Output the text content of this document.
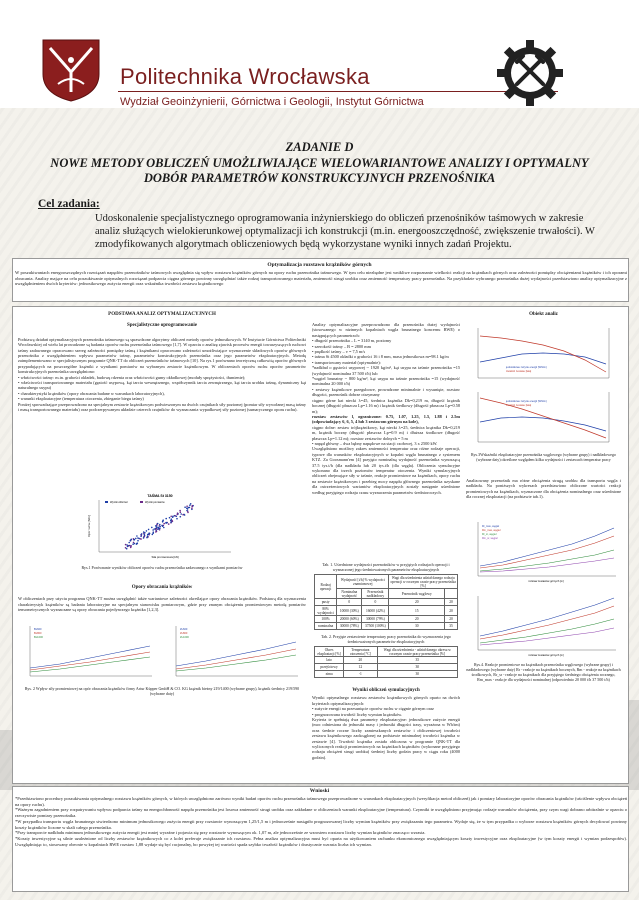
Politechnika Wrocławska
Wydział Geoinżynierii, Górnictwa i Geologii, Instytut Górnictwa
ZADANIE D
NOWE METODY OBLICZEŃ UMOŻLIWIAJĄCE WIELOWARIANTOWE ANALIZY I OPTYMALNY
DOBÓR PARAMETRÓW KONSTRUKCYJNYCH PRZENOŚNIKA
Cel zadania:
Udoskonalenie specjalistycznego oprogramowania inżynierskiego do obliczeń przenośników taśmowych w zakresie analiz służących wielokierunkowej optymalizacji ich konstrukcji (m.in. energooszczędność, zwiększenie trwałości). W zmodyfikowanych algorytmach obliczeniowych będą wykorzystane wyniki innych zadań Projektu.
Optymalizacja rozstawu krążników górnych
W poszukiwaniach energooszczędnych rozwiązań napędów przenośników taśmowych uwzględnia się wpływ rozstawu krążników górnych na opory ruchu przenośnika taśmowego. W tym celu niezbędne jest wnikliwe rozpoznanie wielkości reakcji na krążnikach górnych oraz zależności pomiędzy obciążeniami krążników i ich oporami obracania. Analizy mające na celu poszukiwanie optymalnych rozwiązań podparcia cięgna górnego powinny uwzględniać także rodzaj transportowanego materiału, zmienność strugi urobku oraz zmienność temperatury pracy przenośnika. Na przykładzie wybranego przenośnika dużej wydajności przedstawiono analizy optymalizacyjne z uwzględnieniem dwóch kryteriów: jednostkowego zużycia energii oraz wskaźnika trwałości zestawu krążnikowego
PODSTAWA ANALIZ OPTYMALIZACYJNYCH
Specjalistyczne oprogramowanie
Podstawą działań optymalizacyjnych przenośnika taśmowego są sprawdzone algorytmy obliczeń metody oporów jednostkowych. W Instytucie Górnictwa Politechniki Wrocławskiej od wielu lat prowadzone są badania oporów ruchu przenośnika taśmowego [1,7]. W oparciu o analizę zjawisk procesów energii towarzyszących ruchowi taśmy zadawanego opracowano szereg zależności pomiędzy taśmą i krążnikami opracowano zależności umożliwiające wyznaczenie składowych oporów głównych przenośnika z uwzględnieniem wpływu parametrów taśmy, parametrów konstrukcyjnych przenośnika oraz jego parametrów eksploatacyjnych. Metodę zaimplementowano w specjalistycznym programie QNK-TT do obliczeń przenośników taśmowych [10]. Na rys.1 porównano teoretyczną całkowitą oporów głównych przypadających na poszczególne krążniki z wynikami pomiarów na wybranym zestawie krążnikowym. W obliczeniach oporów ruchu oporów parametrów konstrukcyjnych przenośnika uwzględniono:
• właściwości taśmy: m.in. grubości okładek, budowę rdzenia oraz właściwości gumy okładkowej (moduły sprężystości, tłumienie);
• właściwości transportowanego materiału (gęstość usypową, kąt tarcia wewnętrznego, współczynnik tarcia zewnętrznego, kąt tarcia urobku taśmę, dynamiczny kąt naturalnego usypu)
• charakterystyki krążników (opory obracania badane w warunkach laboratoryjnych),
• warunki eksploatacyjne (temperatura otoczenia, zbieganie biegu taśmy)
Poniżej sprowadzające przeprowadzono na specjalnym zestawie krążnikowym podwieszonym na dwóch czujnikach siły poziomej (pomiar siły wywołanej masą taśmy i masą transportowanego materiału) oraz podczerpywanym układzie czterech czujników do wyznaczania wypadkowej siły poziomej (sumarycznego oporu ruchu).
TAŚMA St 3150
Wyniki obliczeń	Wyniki pomiarów
Siła promieniowa [kN]
Opór ruchu [N/m]
Rys.1 Porównanie wyników obliczeń oporów ruchu przenośnika zadawanego z wynikami pomiarów
Opory obracania krążników
W obliczeniach przy użyciu programu QNK-TT można uwzględnić także wariantowe zależności określające opory obracania krążników. Podstawą dla wyznaczenia charakterystyk krążników są badania laboratoryjne na specjalnym stanowisku pomiarowym, gdzie przy znanym obciążeniu promieniowym metodą pomiarów tensometrycznych wyznaczane są opory obracania pojedynczego krążnika [1,2,3].
BL600
BL800
BL1000
ZL600
ZL800
ZL1000
Rys. 2 Wpływ siły promieniowej na opór obracania krążników firmy Artur Küpper GmbH & CO. KG krążnik bieżny 219/1400 (wybrane grupy), krążnik średnicy 219/590 (wybrane daty)
Analizy optymalizacyjne przeprowadzono dla przenośnika dużej wydajności (stosowanego w nizinnych kopalniach węgla brunatnego koncernu RWE) o następujących parametrach:
• długość przenośnika – L = 3140 m, poziomy
• szerokość taśmy – B = 2800 mm
• prędkość taśmy – v = 7,5 m/s
• taśma St 4500 okładki o grubości 16 i 8 mm, masa jednostkowa m=98.1 kg/m
• transportowany materiał (optymalnie):
*nadkład o gęstości usypowej ~ 1920 kg/m³, kąt usypu na taśmie przenośnika =15 (wydajność nominalna 37 500 t/h) lub
*węgiel brunatny ~ 800 kg/m³, kąt usypu na taśmie przenośnika =15 (wydajność nominalna 20 000 t/h)
• zestawy krążnikowe przegubowe, prowadzone minimalnie i wysunięte, rozstaw długości, przenośnik dobrze otrzymany
cięgno górne kat niecki λ=45, średnica krążnika Dk=0,219 m, długość krążnik bocznej (długość płaszcza Lp=1.16 m) i krążnik średkowy (długość płaszcza Lp=0.58 m);
rozstaw zestawów l, ograniczone: 0.75, 1.07, 1.25, 1.5, 1.88 i 2.5m (odpowiadający 6, 6, 5, 4 lub 3 zestawom górnym na kole),
cięgno dolne: zestaw trójkrążnikowy, kąt niecki λ=25, średnica krążnika Dk=0,219 m, krążnik boczny (długość płaszcza Lp=0.9 m) i dłuższa środkowe (długość płaszcza Lp=1.12 m); rozstaw zestawów dolnych = 5 m
• napęd główny – dwa bębny napędowe na stacji czołowej, 3 x 2500 kW.
Uwzględniono możliwy zakres zmienności temperatur oraz różne rodzaje operacji, typowe dla warunków eksploatacyjnych w kopalni węgla brunatnego z systemem KTZ. Za Goosmann'em [4] przyjęto nominalną wydajność przenośnika wynoszącą 37.5 tys.t/h (dla nadkładu lub 20 tys.t/h (dla węgla). Obliczenia symulacyjne wykonano dla trzech poziomów temperatur otoczenia. Wyniki symulacyjnych obliczeń obejmujące siły w taśmie, reakcje promieniowe na krążnikach, opory ruchu na zestawie krążnikowym i przebieg mocy napędu głównego przenośnika uzyskane dla ostrzeżeniowych wariantów eksploatacyjnych zostały następnie uśrednione według przyjętego rodzaju czasu wyznaczenia parametrów średnioroczych.
Tab. 1. Uśrednione wydajności przenośników w przyjętych rodzajach operacji i wyznaczonej jego średnioważonych parametrów eksploatacyjnych
Rodzaj operacji	Wydajność [t/h] % wydajności znamionowej		Wagi dla uśrednienia udział danego rodzaju operacji w rocznym czasie pracy przenośnika [%]	
	Nominalna wydajność	Przenośnik nadkładowy	Przenośnik węglowy	
pusty	0	0	20	20
80% wydajności	10000 (30%)	16000 (42%)	15	20
100%	20000 (60%)	30000 (79%)	20	20
nominalna	30000 (78%)	37500 (100%)	30	35
Tab. 2. Przyjęte zestawienie temperatury pracy przenośnika do wyznaczenia jego średnioważonych parametrów eksploatacyjnych
Okres eksploatacji [%]	Temperatura otoczenia [°C]	Wagi dla uśrednienia - udział danego okresu w rocznym czasie pracy przenośnika [%]
lato	20	35
przejściowy	12	30
zima	-1	30
Wyniki obliczeń symulacyjnych
Wyniki optymalnego rozstawu zestawów krążnikowych górnych oparto na dwóch kryteriach optymalizacyjnych:
• zużycie energii na przesunięcie oporów ruchu w cięgnie górnym oraz
• prognozowana trwałość liczby wymian krążników.
Kryteria te spełniają dwa parametry eksploatacyjne: jednostkowe zużycie energii (moc odniesiona do jednostki masy i jednostki długości trasy, wyrażona w Wh/tm) oraz średnie roczne liczby zamieszkanych zestawów i obliczeniowej trwałości zestawu krążnikowego zaokrąglonej na podstawie minimalnej trwałości krążnika w zestawie [4]. Trwałość krążnika została obliczona w programie QNK-TT dla wyliczonych reakcji promieniowych na krążnikach krążników (wykonane przyjętego rodzaju obciążeń strugi urobku) średniej liczby godzin pracy w ciągu roku (4000 godzin).
Obiekt analiz
jednostkowe zużycie energii (Wh/tm)
trwałość zestawu [lata]
jednostkowe zużycie energii (Wh/tm)
trwałość zestawu [lata]
Rys.3Wskaźniki eksploatacyjne przenośnika węglowego (wybrane grupy) i nadkładowego (wybrane daty) określone względem kilku wydajności i zestawach temperatur pracy
Analizowany przenośnik ma różne obciążenia strugą urobku dla transportu węgla i nadkładu. Na poniższych wykresach przedstawiono obliczone wartości reakcji promieniowych na krążnikach, wyznaczone dla obciążenia nominalnego oraz uśrednione dla rocznej eksploatacji (na podstawie tab.1).
Rr_max, węgiel
Rm_max, węgiel
Rr_sr, węgiel
Rm_sr, węgiel
rozstaw zestawów górnych [m]
rozstaw zestawów górnych [m]
Rys.4. Reakcje promieniowe na krążnikach przenośnika węglowego (wybrane grupy) i nadkładowego (wybrane daty) Rr - reakcje na krążnikach bocznych, Rm - reakcje na krążnikach środkowych, Rr_sr - reakcje na krążnikach dla przyjętego średniego obciążenia rocznego, Rm_max - reakcje dla wydajności nominalnej (odpowiednio 20 000 t/h 37 500 t/h)
Wnioski
*Przedstawiono procedury poszukiwania optymalnego rozstawu krążników górnych, w których uwzględniono zarówno wyniki badań oporów ruchu przenośnika taśmowego przeprowadzone w warunkach eksploatacyjnych (weryfikacja metod obliczeń) jak i pomiary laboratoryjne oporów obracania krążników (uściślenie wpływu obciążeń na opory ruchu).
*Ważnym zagadnieniem przy rozpatrywaniu wpływu podparcia taśmy na energochłonność napędu przenośnika jest losowa zmienność strugi urobku oraz zakładane w obliczeniach warunki eksploatacyjne (temperatura). Czynniki te uwzględniono przyjmując rodzaje warunków obciążenia, przy czym wagi dobrano arbitralnie w oparciu o rzeczywiste pomiary przenośnika.
*W przypadku transportu węgla brunatnego stwierdzono minimum jednostkowego zużycia energii przy rozstawie wynoszącym 1,25/1,5 m i jednocześnie nastąpiło prognozowanej liczby wymian krążników przy zwiększaniu tego parametru. Wydaje się, że w tym przypadku o wyborze rozstawu krążników górnych decydować powinny koszty krążników liczone w skali całego przenośnika.
*Przy transporcie nadkładu minimum jednostkowego zużycia energii jest mniej wyraźne i pojawia się przy rozstawie wynoszącym ok. 1,07 m, ale jednocześnie ze wzrostem rozstawu liczby wymian krążników znacząco wzrasta.
*Koszty inwestycyjne są silnie uzależnione od liczby zestawów krążnikowych co z kolei preferuje zwiększanie ich rozstawu. Pełna analiza optymalizacyjna musi być oparta na użytkowaniem rachunku ekonomicznego uwzględniającym koszty inwestycyjne oraz eksploatacyjne (w tym koszty energii i wymian podzespołów). Uwzględniając to, stosowany obecnie w kopalniach RWE rozstaw 1,88 wydaje się być racjonalny, bo powyżej tej wartości spada szybko trwałość krążników i drastycznie wzrasta liczba ich wymian.
